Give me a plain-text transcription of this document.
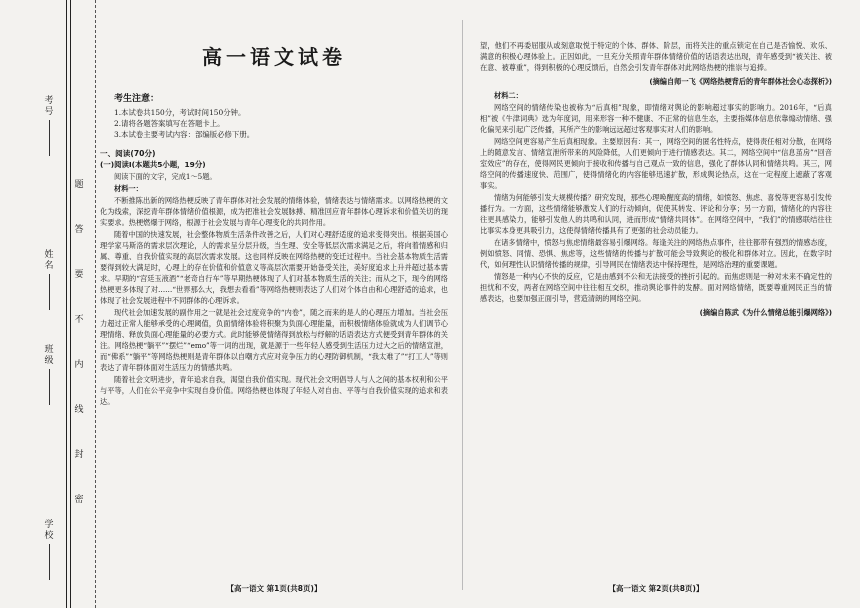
考号
姓名
班级
学校
题
答
要
不
内
线
封
密
高一语文试卷
考生注意：

1.本试卷共150分，考试时间150分钟。

2.请将各题答案填写在答题卡上。

3.本试卷主要考试内容：部编版必修下册。

一、阅读(70分)
(一)阅读Ⅰ(本题共5小题，19分)
阅读下面的文字，完成1～5题。
材料一：
不断推陈出新的网络热梗反映了青年群体对社会发展的情绪体验，情绪表达与情绪需求。以网络热梗的文化为线索，深挖青年群体情绪价值根源，成为把准社会发展脉搏、精准回应青年群体心理诉求和价值关切的现实要求。热梗燃爆于网络，根源于社会发展与青年心理变化的共同作用。
随着中国的快速发展，社会整体物质生活条件改善之后，人们对心理舒适度的追求变得突出。根据美国心理学家马斯洛的需求层次理论，人的需求呈分层升级，当生理、安全等低层次需求满足之后，将向着情感和归属、尊重、自我价值实现的高层次需求发展。这也同样反映在网络热梗的变迁过程中。当社会基本物质生活需要得到较大满足时，心理上的存在价值和价值意义等高层次需要开始备受关注，美好度追求上升并超过基本需求。早期的“宫廷玉液酒”“老奇自行车”等早期热梗体现了人们对基本物质生活的关注；而从之下，现今的网络热梗更多体现了对……“世界那么大，我想去看看”等网络热梗则表达了人们对个体自由和心理舒适的追求，也体现了社会发展进程中不同群体的心理诉求。
现代社会加速发展的副作用之一就是社会过度竞争的“内卷”，随之而来的是人的心理压力增加。当社会压力超过正常人能够承受的心理阈值，负面情绪体验将积聚为负面心理能量，而积极情绪体验就成为人们调节心理情绪、释放负面心理能量的必要方式。此时能够使情绪得到放松与纾解的话语表达方式便受到青年群体的关注。网络热梗“躺平”“摆烂”“emo”等一词的出现，就是源于一些年轻人感受到生活压力过大之后的情绪宣泄，而“佛系”“躺平”等网络热梗则是青年群体以自嘲方式应对竞争压力的心理防御机制，“我太难了”“打工人”等则表达了青年群体面对生活压力的情感共鸣。
随着社会文明进步，青年追求自我，渴望自我价值实现。现代社会文明倡导人与人之间的基本权利和公平与平等，人们在公平竞争中实现自身价值。网络热梗也体现了年轻人对自由、平等与自我价值实现的追求和表达。
【高一语文 第1页(共8页)】
望，他们不再委屈服从或刻意取悦于特定的个体、群体、阶层，而将关注的重点锁定在自己是否愉悦、欢乐、满意的积极心理体验上。正因如此，一旦充分关照青年群体情绪价值的话语表达出现，青年感受到“被关注、被在意、被尊重”，得到积极的心理反馈后，自然会引发青年群体对此网络热梗的推崇与追捧。
(摘编自师一飞《网络热梗背后的青年群体社会心态探析》)
材料二：
网络空间的情绪传染也被称为“后真相”现象，即情绪对舆论的影响超过事实的影响力。2016年，“后真相”被《牛津词典》选为年度词，用来形容一种不健康、不正常的信息生态，主要指媒体信息依靠煽动情绪、强化偏见来引起广泛传播，其所产生的影响远远超过客观事实对人们的影响。
网络空间更容易产生后真相现象。主要原因有：其一，网络空间的匿名性特点，使得责任相对分散，在网络上的随意发言、情绪宣泄所带来的风险降低，人们更倾向于进行情感表达。其二，网络空间中“信息茧房”“回音室效应”的存在，使得网民更倾向于接收和传播与自己观点一致的信息，强化了群体认同和情绪共鸣。其三，网络空间的传播速度快、范围广，使得情绪化的内容能够迅速扩散，形成舆论热点，这在一定程度上遮蔽了客观事实。
情绪为何能够引发大规模传播？研究发现，那些心理唤醒度高的情绪，如愤怒、焦虑、喜悦等更容易引发传播行为。一方面，这些情绪能够激发人们的行动倾向，促使其转发、评论和分享；另一方面，情绪化的内容往往更具感染力，能够引发他人的共鸣和认同，进而形成“情绪共同体”。在网络空间中，“我们”的情感联结往往比事实本身更具吸引力，这使得情绪传播具有了更强的社会动员能力。
在诸多情绪中，愤怒与焦虑情绪最容易引爆网络。每逢关注的网络热点事件，往往都带有强烈的情感态度，例如愤怒、同情、恐惧、焦虑等，这些情绪的传播与扩散可能会导致舆论的极化和群体对立。因此，在数字时代，如何理性认识情绪传播的规律，引导网民在情绪表达中保持理性，是网络治理的重要课题。
情怒是一种内心不快的反应，它是由感到不公和无法接受的挫折引起的。而焦虑则是一种对未来不确定性的担忧和不安，两者在网络空间中往往相互交织，推动舆论事件的发酵。面对网络情绪，既要尊重网民正当的情感表达，也要加强正面引导，营造清朗的网络空间。
(摘编自陈武《为什么情绪总能引爆网络》)
【高一语文 第2页(共8页)】
